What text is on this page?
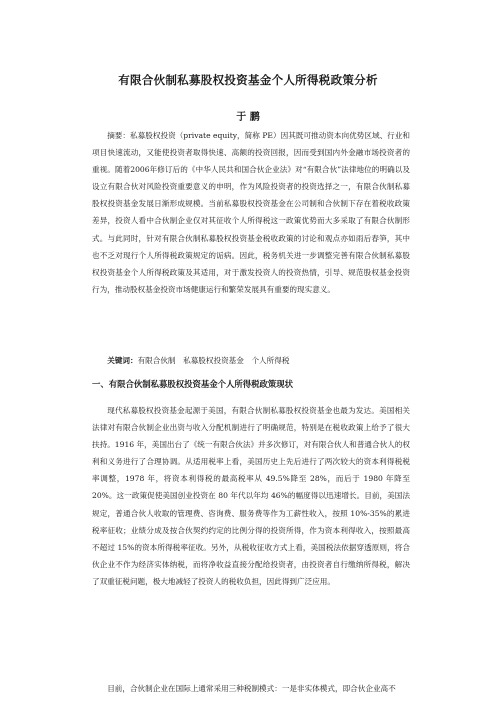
有限合伙制私募股权投资基金个人所得税政策分析
于 鹏

摘要：私募股权投资（private equity，简称 PE）因其既可推动资本向优势区域、行业和项目快速流动，又能使投资者取得快速、高额的投资回报，因而受到国内外金融市场投资者的重视。随着2006年修订后的《中华人民共和国合伙企业法》对“有限合伙”法律地位的明确以及设立有限合伙对风险投资重要意义的申明，作为风险投资者的投资选择之一，有限合伙制私募股权投资基金发展日渐形成规模。当前私募股权投资基金在公司制和合伙制下存在着税收政策差异，投资人看中合伙制企业仅对其征收个人所得税这一政策优势而大多采取了有限合伙制形式。与此同时，针对有限合伙制私募股权投资基金税收政策的讨论和观点亦如雨后春笋，其中也不乏对现行个人所得税政策规定的诟病。因此，税务机关进一步调整完善有限合伙制私募股权投资基金个人所得税政策及其适用，对于激发投资人的投资热情，引导、规范股权基金投资行为，推动股权基金投资市场健康运行和繁荣发展具有重要的现实意义。

关键词：有限合伙制　私募股权投资基金　个人所得税

一、有限合伙制私募股权投资基金个人所得税政策现状

现代私募股权投资基金起源于美国，有限合伙制私募股权投资基金也最为发达。美国相关法律对有限合伙制企业出资与收入分配机制进行了明确规范，特别是在税收政策上给予了很大扶持。1916 年，美国出台了《统一有限合伙法》并多次修订，对有限合伙人和普通合伙人的权利和义务进行了合理协调。从适用税率上看，美国历史上先后进行了两次较大的资本利得税税率调整，1978 年，将资本利得税的最高税率从 49.5%降至 28%，而后于 1980 年降至 20%。这一政策促使美国创业投资在 80 年代以年均 46%的幅度得以迅速增长。目前，美国法规定，普通合伙人收取的管理费、咨询费、服务费等作为工薪性收入，按照 10%-35%的累进税率征收；业绩分成及按合伙契约约定的比例分得的投资所得，作为资本利得收入，按照最高不超过 15%的资本所得税率征收。另外，从税收征收方式上看，美国税法依据穿透原则，将合伙企业不作为经济实体纳税，而将净收益直接分配给投资者，由投资者自行缴纳所得税，解决了双重征税问题，极大地减轻了投资人的税收负担，因此得到广泛应用。

目前，合伙制企业在国际上通常采用三种税制模式：一是非实体模式，即合伙企业高不
